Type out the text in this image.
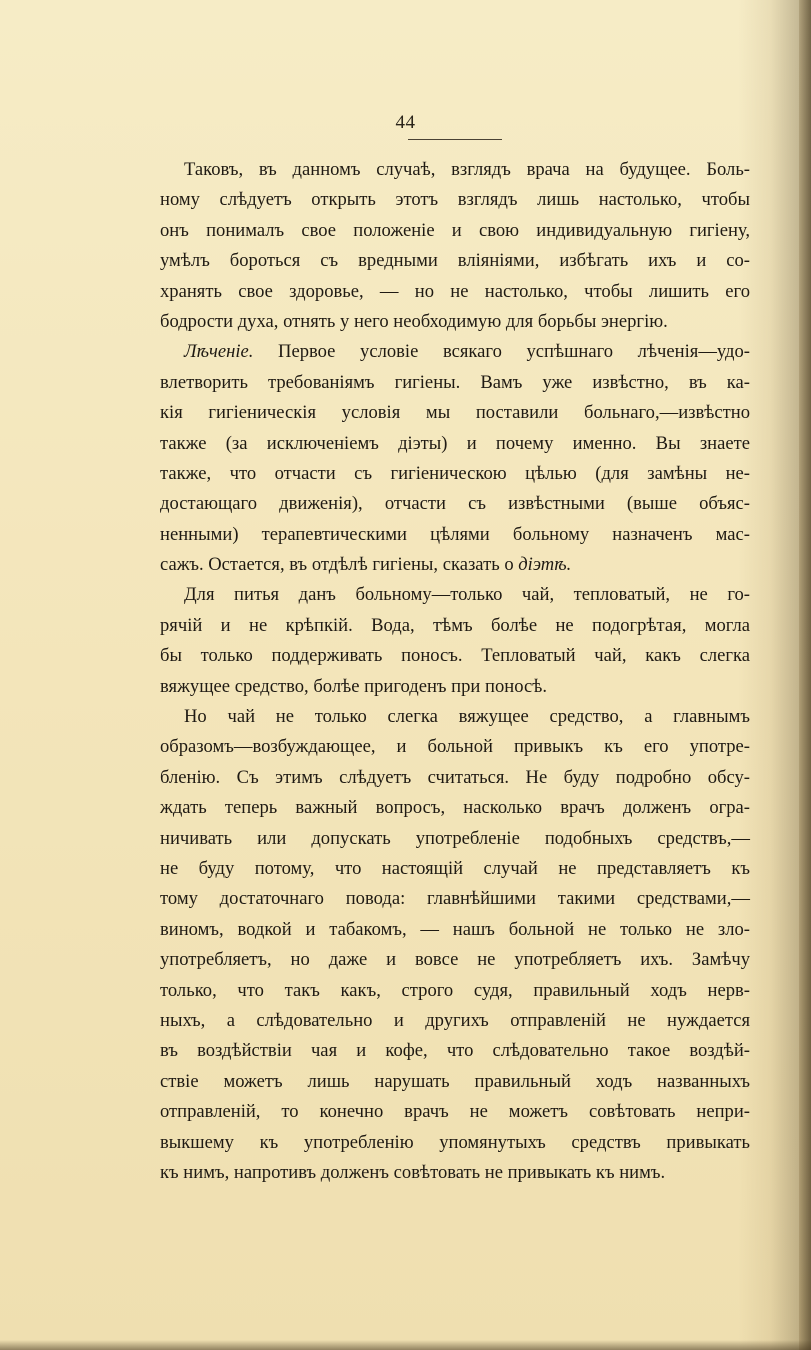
44
Таковъ, въ данномъ случаѣ, взглядъ врача на будущее. Боль-
ному слѣдуетъ открыть этотъ взглядъ лишь настолько, чтобы
онъ понималъ свое положеніе и свою индивидуальную гигіену,
умѣлъ бороться съ вредными вліяніями, избѣгать ихъ и со-
хранять свое здоровье, — но не настолько, чтобы лишить его
бодрости духа, отнять у него необходимую для борьбы энергію.
Лѣченіе. Первое условіе всякаго успѣшнаго лѣченія—удо-
влетворить требованіямъ гигіены. Вамъ уже извѣстно, въ ка-
кія гигіеническія условія мы поставили больнаго,—извѣстно
также (за исключеніемъ діэты) и почему именно. Вы знаете
также, что отчасти съ гигіеническою цѣлью (для замѣны не-
достающаго движенія), отчасти съ извѣстными (выше объяс-
ненными) терапевтическими цѣлями больному назначенъ мас-
сажъ. Остается, въ отдѣлѣ гигіены, сказать о діэтѣ.
Для питья данъ больному—только чай, тепловатый, не го-
рячій и не крѣпкій. Вода, тѣмъ болѣе не подогрѣтая, могла
бы только поддерживать поносъ. Тепловатый чай, какъ слегка
вяжущее средство, болѣе пригоденъ при поносѣ.
Но чай не только слегка вяжущее средство, а главнымъ
образомъ—возбуждающее, и больной привыкъ къ его употре-
бленію. Съ этимъ слѣдуетъ считаться. Не буду подробно обсу-
ждать теперь важный вопросъ, насколько врачъ долженъ огра-
ничивать или допускать употребленіе подобныхъ средствъ,—
не буду потому, что настоящій случай не представляетъ къ
тому достаточнаго повода: главнѣйшими такими средствами,—
виномъ, водкой и табакомъ, — нашъ больной не только не зло-
употребляетъ, но даже и вовсе не употребляетъ ихъ. Замѣчу
только, что такъ какъ, строго судя, правильный ходъ нерв-
ныхъ, а слѣдовательно и другихъ отправленій не нуждается
въ воздѣйствіи чая и кофе, что слѣдовательно такое воздѣй-
ствіе можетъ лишь нарушать правильный ходъ названныхъ
отправленій, то конечно врачъ не можетъ совѣтовать непри-
выкшему къ употребленію упомянутыхъ средствъ привыкать
къ нимъ, напротивъ долженъ совѣтовать не привыкать къ нимъ.
